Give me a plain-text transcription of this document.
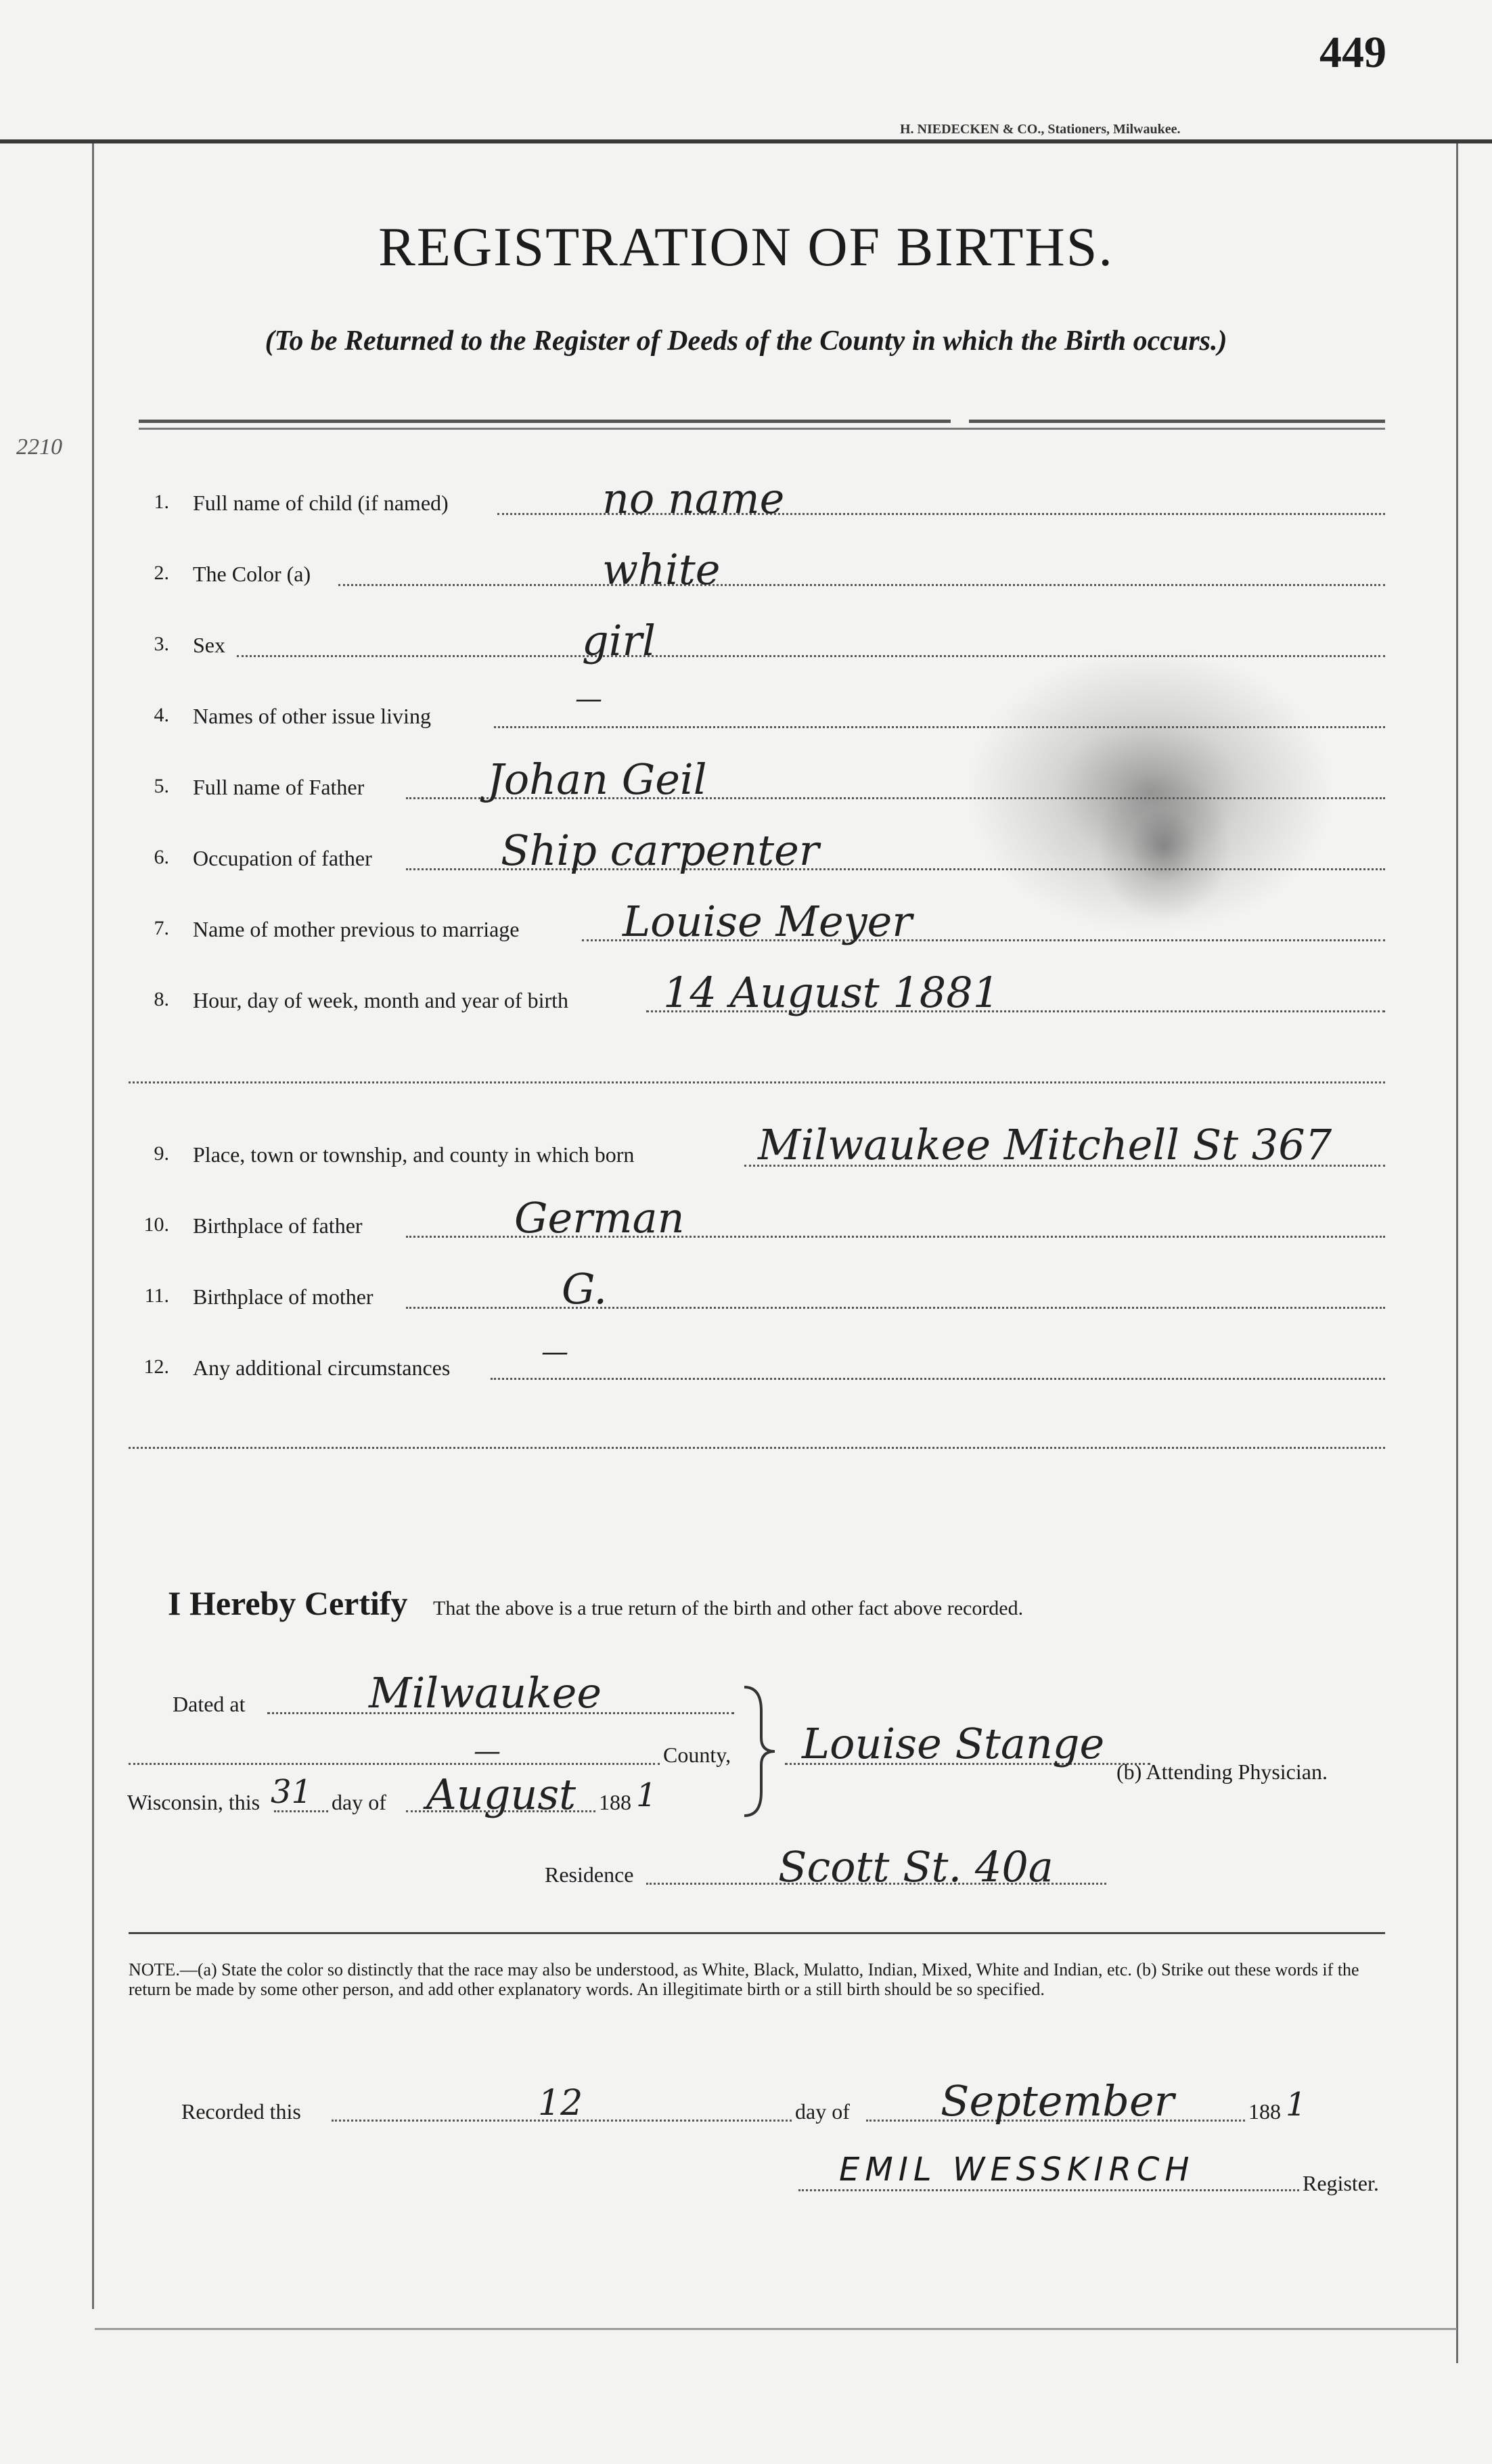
H. NIEDECKEN & CO., Stationers, Milwaukee.
449
2210
REGISTRATION OF BIRTHS.
(To be Returned to the Register of Deeds of the County in which the Birth occurs.)
1. Full name of child (if named)	no name
2. The Color (a)	white
3. Sex	girl
4. Names of other issue living
—
5. Full name of Father	Johan Geil
6. Occupation of father	Ship carpenter
7. Name of mother previous to marriage Louise Meyer
8. Hour, day of week, month and year of birth 14 August 1881
9. Place, town or township, and county in which born	Milwaukee Mitchell St 367
10. Birthplace of father	German
11. Birthplace of mother	G.
12. Any additional circumstances	—
I Hereby Certify That the above is a true return of the birth and other fact above recorded.
Dated at	Milwaukee
—	County,
Wisconsin, this 31 day of August 188 1
Louise Stange
(b) Attending Physician.
Residence	Scott St. 40a
NOTE.—(a) State the color so distinctly that the race may also be understood, as White, Black, Mulatto, Indian, Mixed, White and Indian, etc. (b) Strike out these words if the return be made by some other person, and add other explanatory words. An illegitimate birth or a still birth should be so specified.
Recorded this	12	day of September	188 1
EMIL WESSKIRCH	Register.
